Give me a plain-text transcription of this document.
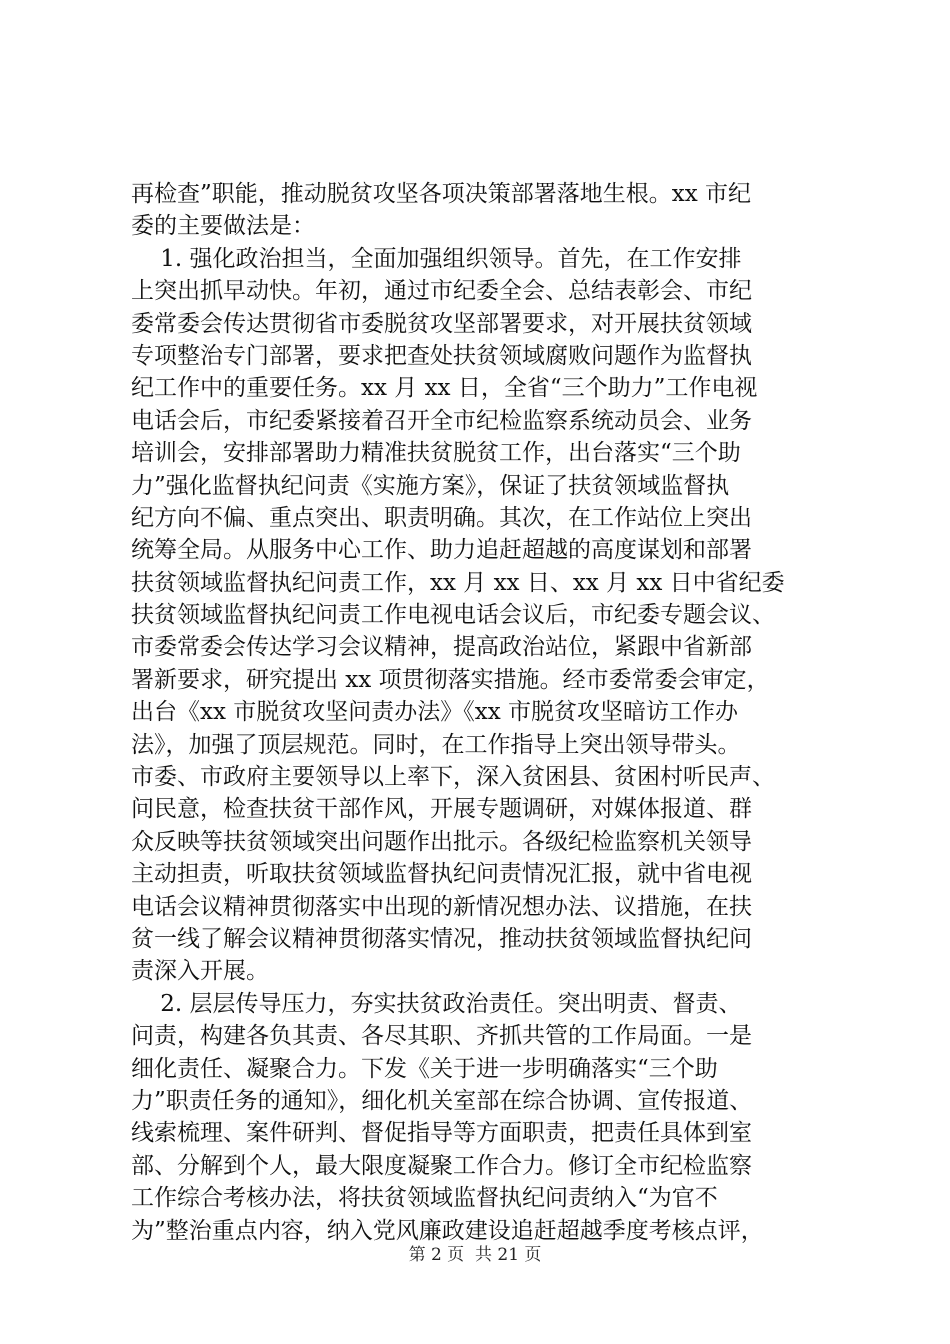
再检查”职能，推动脱贫攻坚各项决策部署落地生根。xx 市纪
委的主要做法是：
1. 强化政治担当，全面加强组织领导。首先，在工作安排
上突出抓早动快。年初，通过市纪委全会、总结表彰会、市纪
委常委会传达贯彻省市委脱贫攻坚部署要求，对开展扶贫领域
专项整治专门部署，要求把查处扶贫领域腐败问题作为监督执
纪工作中的重要任务。xx 月 xx 日，全省“三个助力”工作电视
电话会后，市纪委紧接着召开全市纪检监察系统动员会、业务
培训会，安排部署助力精准扶贫脱贫工作，出台落实“三个助
力”强化监督执纪问责《实施方案》，保证了扶贫领域监督执
纪方向不偏、重点突出、职责明确。其次，在工作站位上突出
统筹全局。从服务中心工作、助力追赶超越的高度谋划和部署
扶贫领域监督执纪问责工作，xx 月 xx 日、xx 月 xx 日中省纪委
扶贫领域监督执纪问责工作电视电话会议后，市纪委专题会议、
市委常委会传达学习会议精神，提高政治站位，紧跟中省新部
署新要求，研究提出 xx 项贯彻落实措施。经市委常委会审定，
出台《xx 市脱贫攻坚问责办法》《xx 市脱贫攻坚暗访工作办
法》，加强了顶层规范。同时，在工作指导上突出领导带头。
市委、市政府主要领导以上率下，深入贫困县、贫困村听民声、
问民意，检查扶贫干部作风，开展专题调研，对媒体报道、群
众反映等扶贫领域突出问题作出批示。各级纪检监察机关领导
主动担责，听取扶贫领域监督执纪问责情况汇报，就中省电视
电话会议精神贯彻落实中出现的新情况想办法、议措施，在扶
贫一线了解会议精神贯彻落实情况，推动扶贫领域监督执纪问
责深入开展。
2. 层层传导压力，夯实扶贫政治责任。突出明责、督责、
问责，构建各负其责、各尽其职、齐抓共管的工作局面。一是
细化责任、凝聚合力。下发《关于进一步明确落实“三个助
力”职责任务的通知》，细化机关室部在综合协调、宣传报道、
线索梳理、案件研判、督促指导等方面职责，把责任具体到室
部、分解到个人，最大限度凝聚工作合力。修订全市纪检监察
工作综合考核办法，将扶贫领域监督执纪问责纳入“为官不
为”整治重点内容，纳入党风廉政建设追赶超越季度考核点评，
第 2 页  共 21 页
